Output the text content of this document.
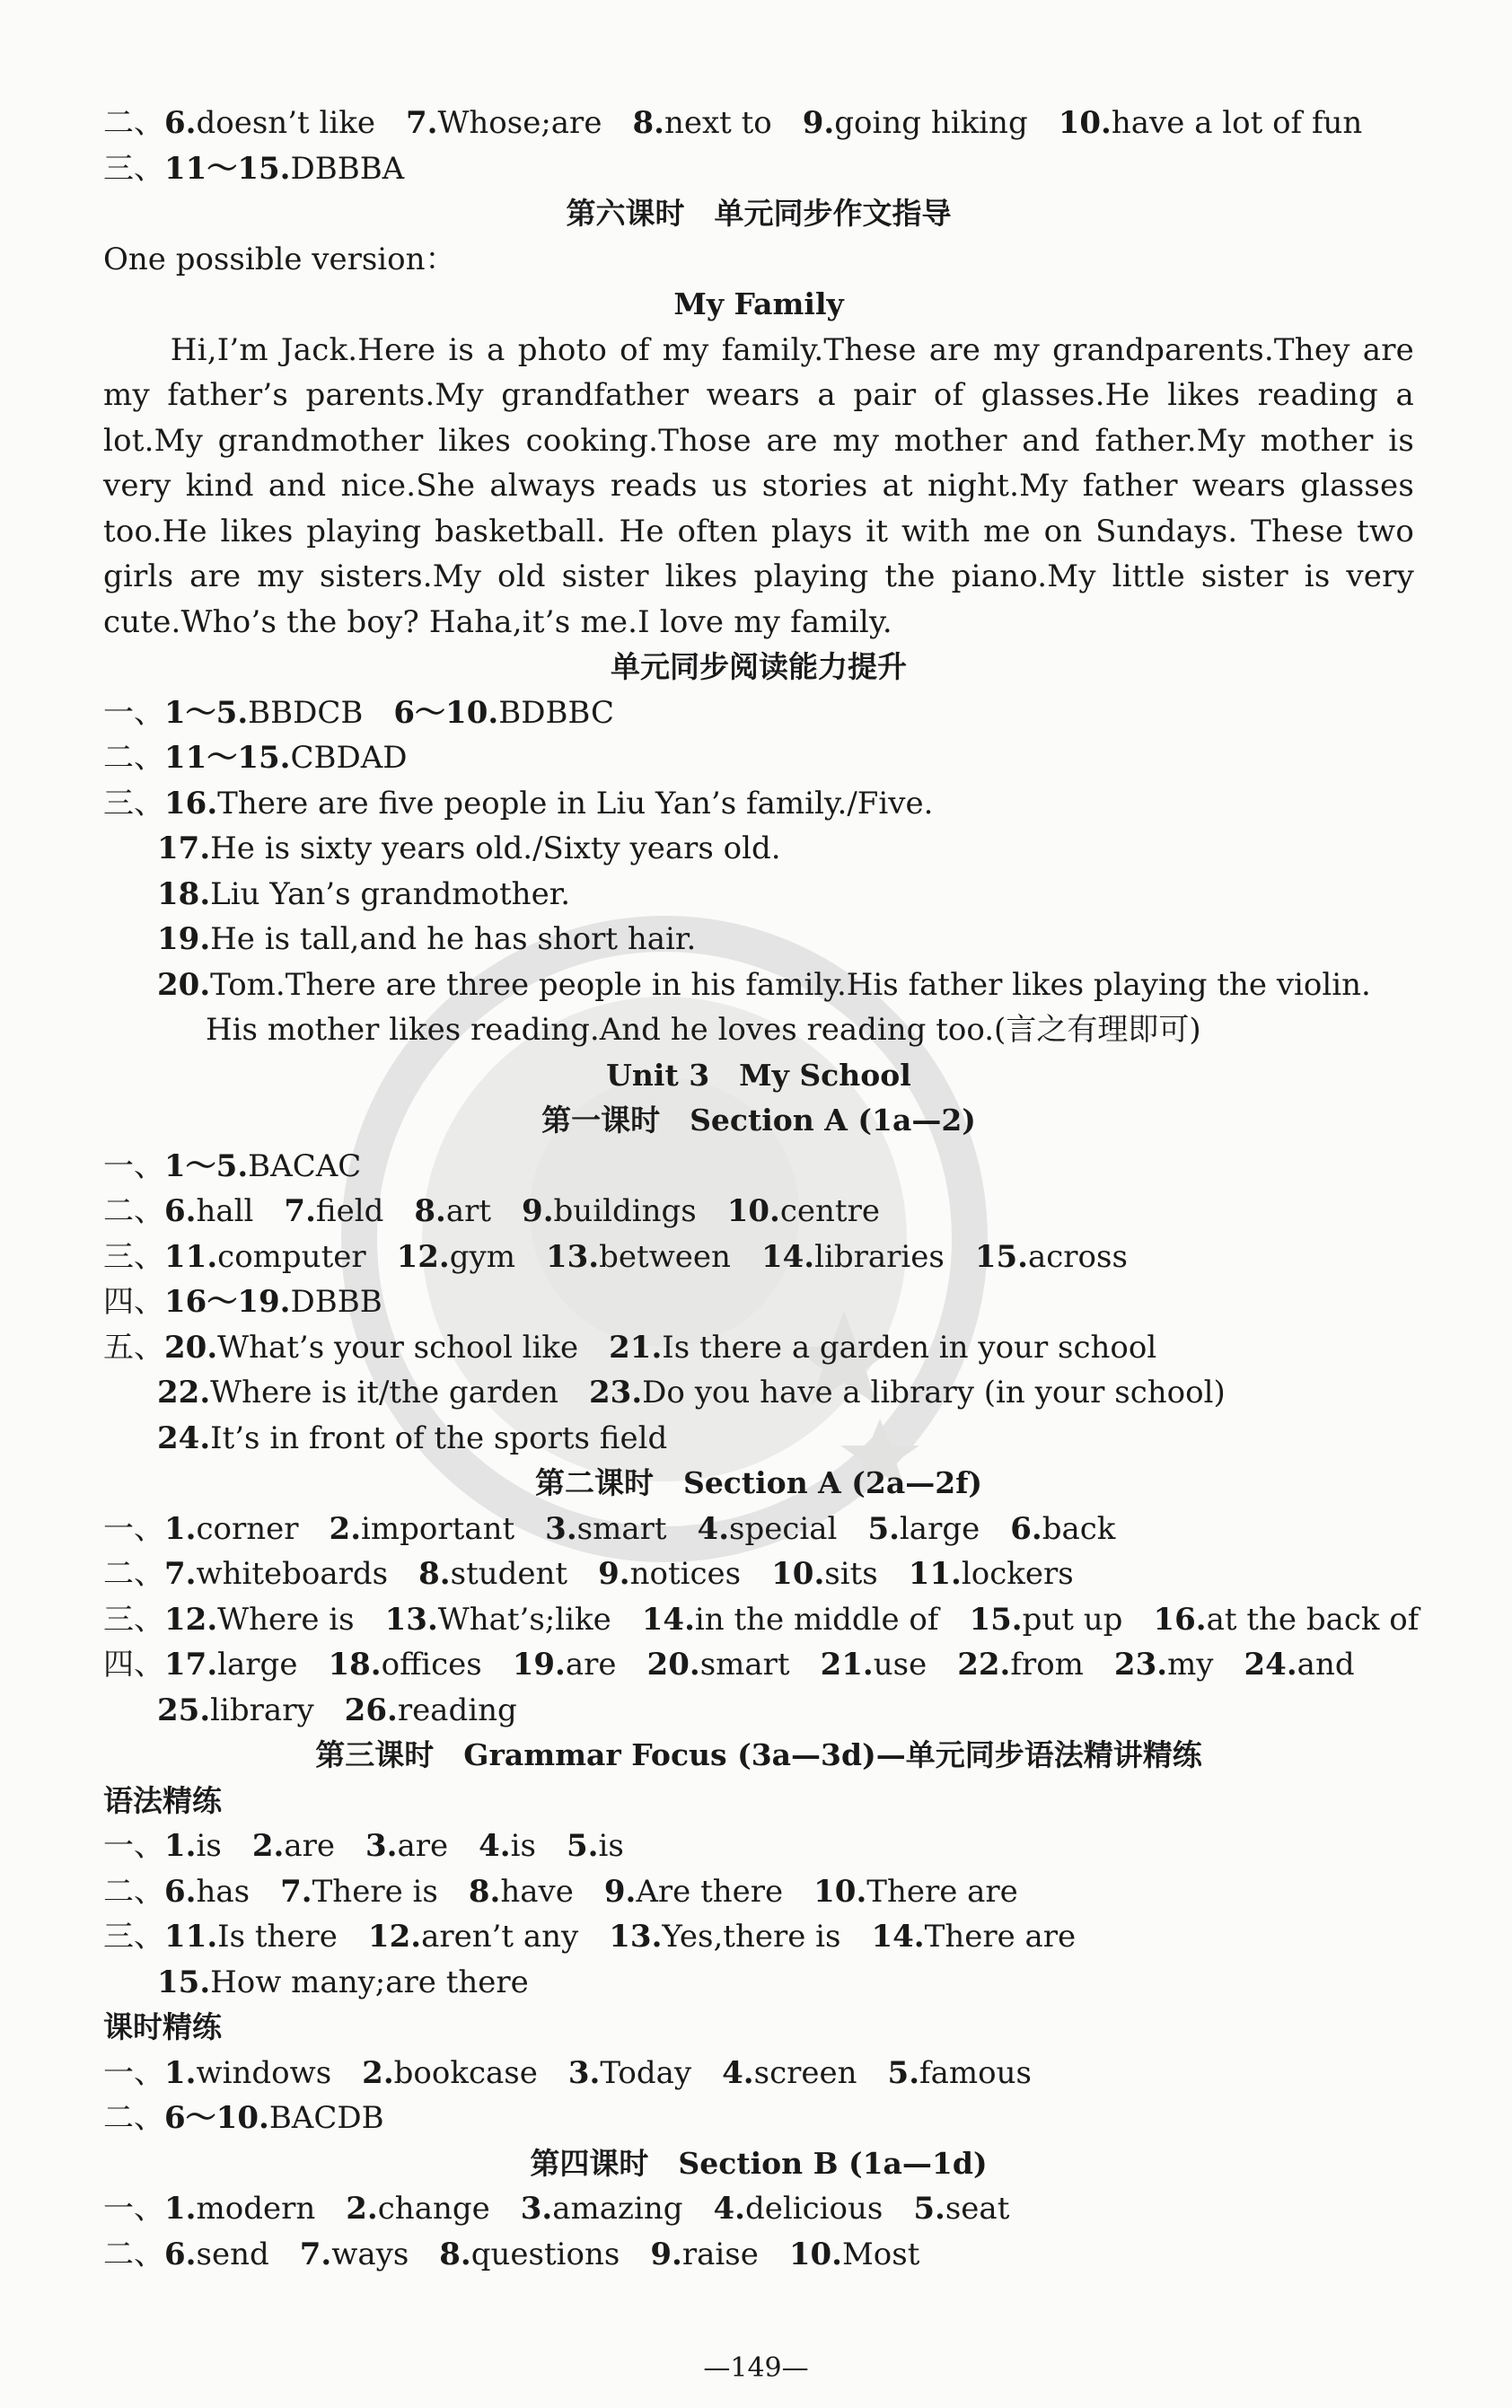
二、6.doesn’t like 7.Whose;are 8.next to 9.going hiking 10.have a lot of fun
三、11～15.DBBBA
第六课时　单元同步作文指导
One possible version：
My Family

Hi,I’m Jack.Here is a photo of my family.These are my grandparents.They are my father’s parents.My grandfather wears a pair of glasses.He likes reading a lot.My grandmother likes cooking.Those are my mother and father.My mother is very kind and nice.She always reads us stories at night.My father wears glasses too.He likes playing basketball. He often plays it with me on Sundays. These two girls are my sisters.My old sister likes playing the piano.My little sister is very cute.Who’s the boy? Haha,it’s me.I love my family.

单元同步阅读能力提升
一、1～5.BBDCB 6～10.BDBBC
二、11～15.CBDAD
三、16.There are five people in Liu Yan’s family./Five.
17.He is sixty years old./Sixty years old.
18.Liu Yan’s grandmother.
19.He is tall,and he has short hair.
20.Tom.There are three people in his family.His father likes playing the violin.
His mother likes reading.And he loves reading too.(言之有理即可)
Unit 3　My School
第一课时　Section A (1a—2)
一、1～5.BACAC
二、6.hall 7.field 8.art 9.buildings 10.centre
三、11.computer 12.gym 13.between 14.libraries 15.across
四、16～19.DBBB
五、20.What’s your school like 21.Is there a garden in your school
22.Where is it/the garden 23.Do you have a library (in your school)
24.It’s in front of the sports field
第二课时　Section A (2a—2f)
一、1.corner 2.important 3.smart 4.special 5.large 6.back
二、7.whiteboards 8.student 9.notices 10.sits 11.lockers
三、12.Where is 13.What’s;like 14.in the middle of 15.put up 16.at the back of
四、17.large 18.offices 19.are 20.smart 21.use 22.from 23.my 24.and
25.library 26.reading
第三课时　Grammar Focus (3a—3d)—单元同步语法精讲精练
语法精练
一、1.is 2.are 3.are 4.is 5.is
二、6.has 7.There is 8.have 9.Are there 10.There are
三、11.Is there 12.aren’t any 13.Yes,there is 14.There are
15.How many;are there
课时精练
一、1.windows 2.bookcase 3.Today 4.screen 5.famous
二、6～10.BACDB
第四课时　Section B (1a—1d)
一、1.modern 2.change 3.amazing 4.delicious 5.seat
二、6.send 7.ways 8.questions 9.raise 10.Most
—149—
